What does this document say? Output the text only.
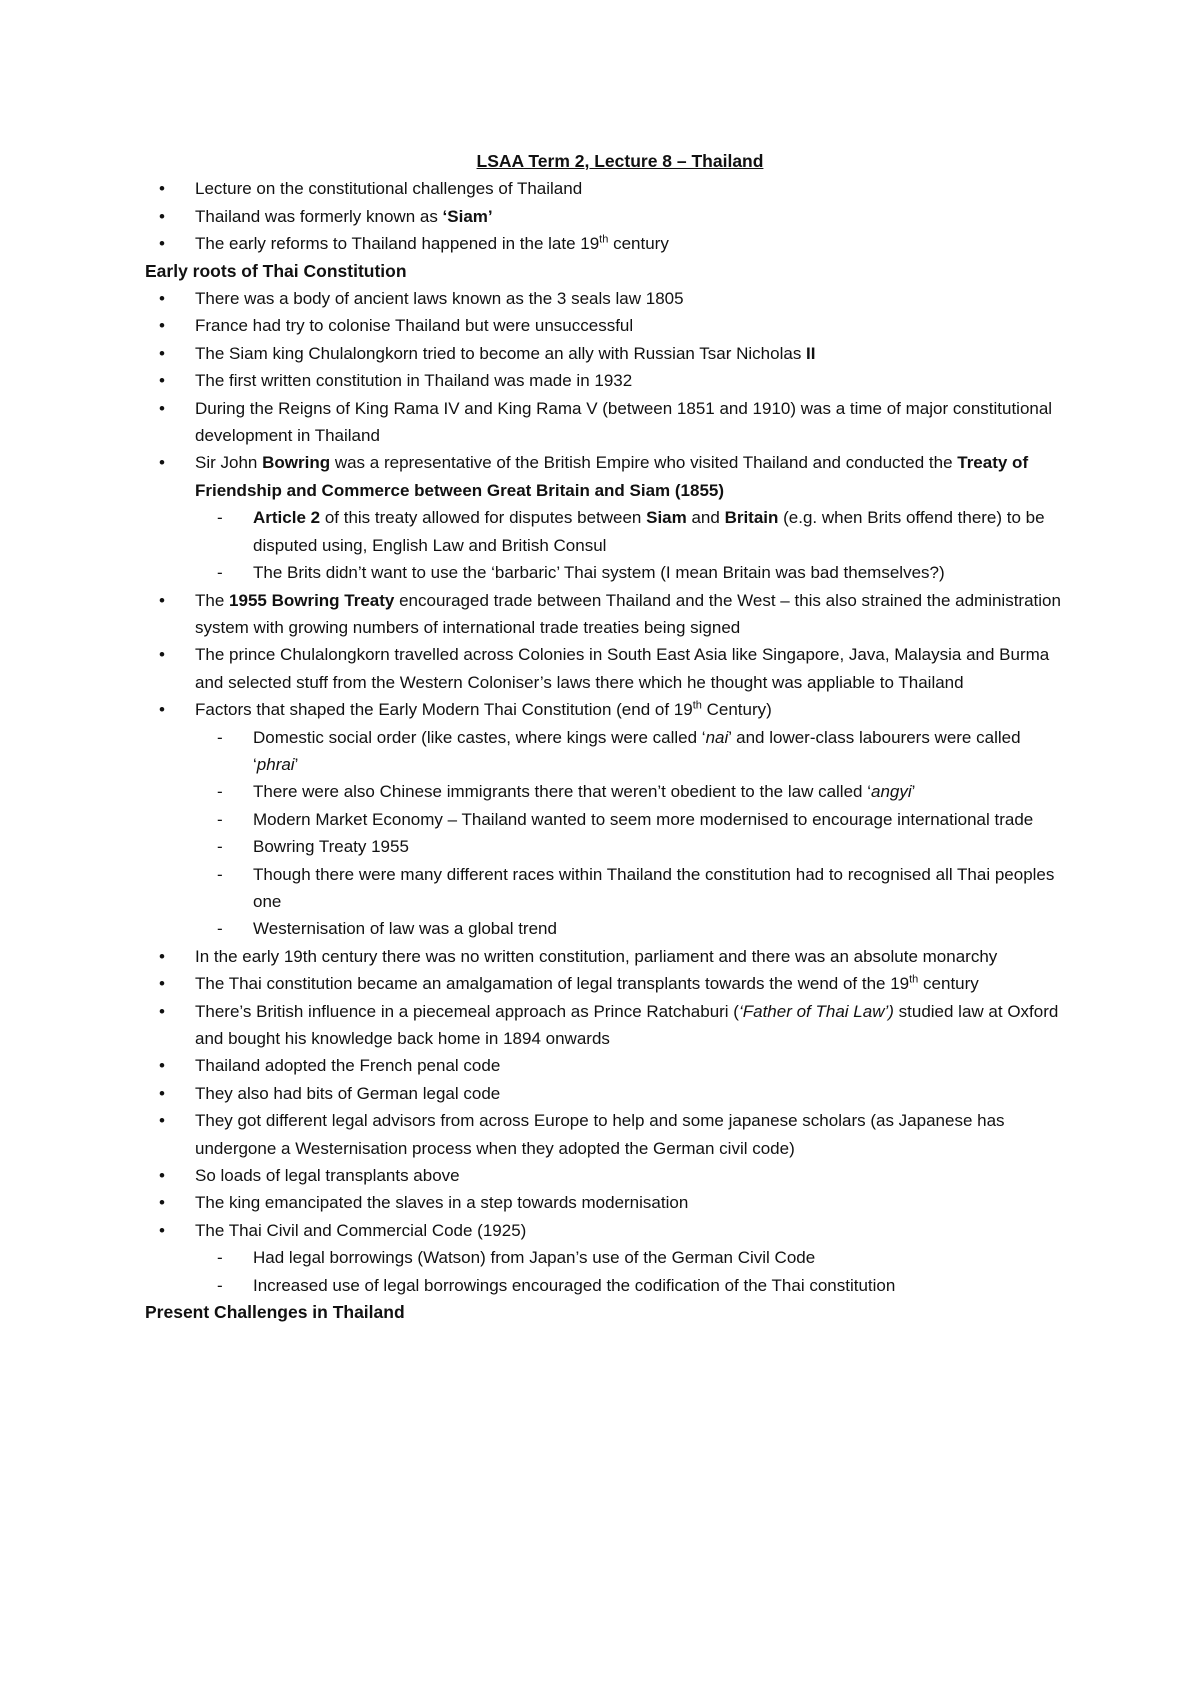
LSAA Term 2, Lecture 8 – Thailand
• Lecture on the constitutional challenges of Thailand
• Thailand was formerly known as ‘Siam’
• The early reforms to Thailand happened in the late 19th century
Early roots of Thai Constitution
• There was a body of ancient laws known as the 3 seals law 1805
• France had try to colonise Thailand but were unsuccessful
• The Siam king Chulalongkorn tried to become an ally with Russian Tsar Nicholas II
• The first written constitution in Thailand was made in 1932
• During the Reigns of King Rama IV and King Rama V (between 1851 and 1910) was a time of major constitutional development in Thailand
• Sir John Bowring was a representative of the British Empire who visited Thailand and conducted the Treaty of Friendship and Commerce between Great Britain and Siam (1855)
- Article 2 of this treaty allowed for disputes between Siam and Britain (e.g. when Brits offend there) to be disputed using, English Law and British Consul
- The Brits didn’t want to use the ‘barbaric’ Thai system (I mean Britain was bad themselves?)
• The 1955 Bowring Treaty encouraged trade between Thailand and the West – this also strained the administration system with growing numbers of international trade treaties being signed
• The prince Chulalongkorn travelled across Colonies in South East Asia like Singapore, Java, Malaysia and Burma and selected stuff from the Western Coloniser’s laws there which he thought was appliable to Thailand
• Factors that shaped the Early Modern Thai Constitution (end of 19th Century)
- Domestic social order (like castes, where kings were called ‘nai’ and lower-class labourers were called ‘phrai’
- There were also Chinese immigrants there that weren’t obedient to the law called ‘angyi’
- Modern Market Economy – Thailand wanted to seem more modernised to encourage international trade
- Bowring Treaty 1955
- Though there were many different races within Thailand the constitution had to recognised all Thai peoples one
- Westernisation of law was a global trend
• In the early 19th century there was no written constitution, parliament and there was an absolute monarchy
• The Thai constitution became an amalgamation of legal transplants towards the wend of the 19th century
• There’s British influence in a piecemeal approach as Prince Ratchaburi (‘Father of Thai Law’) studied law at Oxford and bought his knowledge back home in 1894 onwards
• Thailand adopted the French penal code
• They also had bits of German legal code
• They got different legal advisors from across Europe to help and some japanese scholars (as Japanese has undergone a Westernisation process when they adopted the German civil code)
• So loads of legal transplants above
• The king emancipated the slaves in a step towards modernisation
• The Thai Civil and Commercial Code (1925)
- Had legal borrowings (Watson) from Japan’s use of the German Civil Code
- Increased use of legal borrowings encouraged the codification of the Thai constitution
Present Challenges in Thailand
